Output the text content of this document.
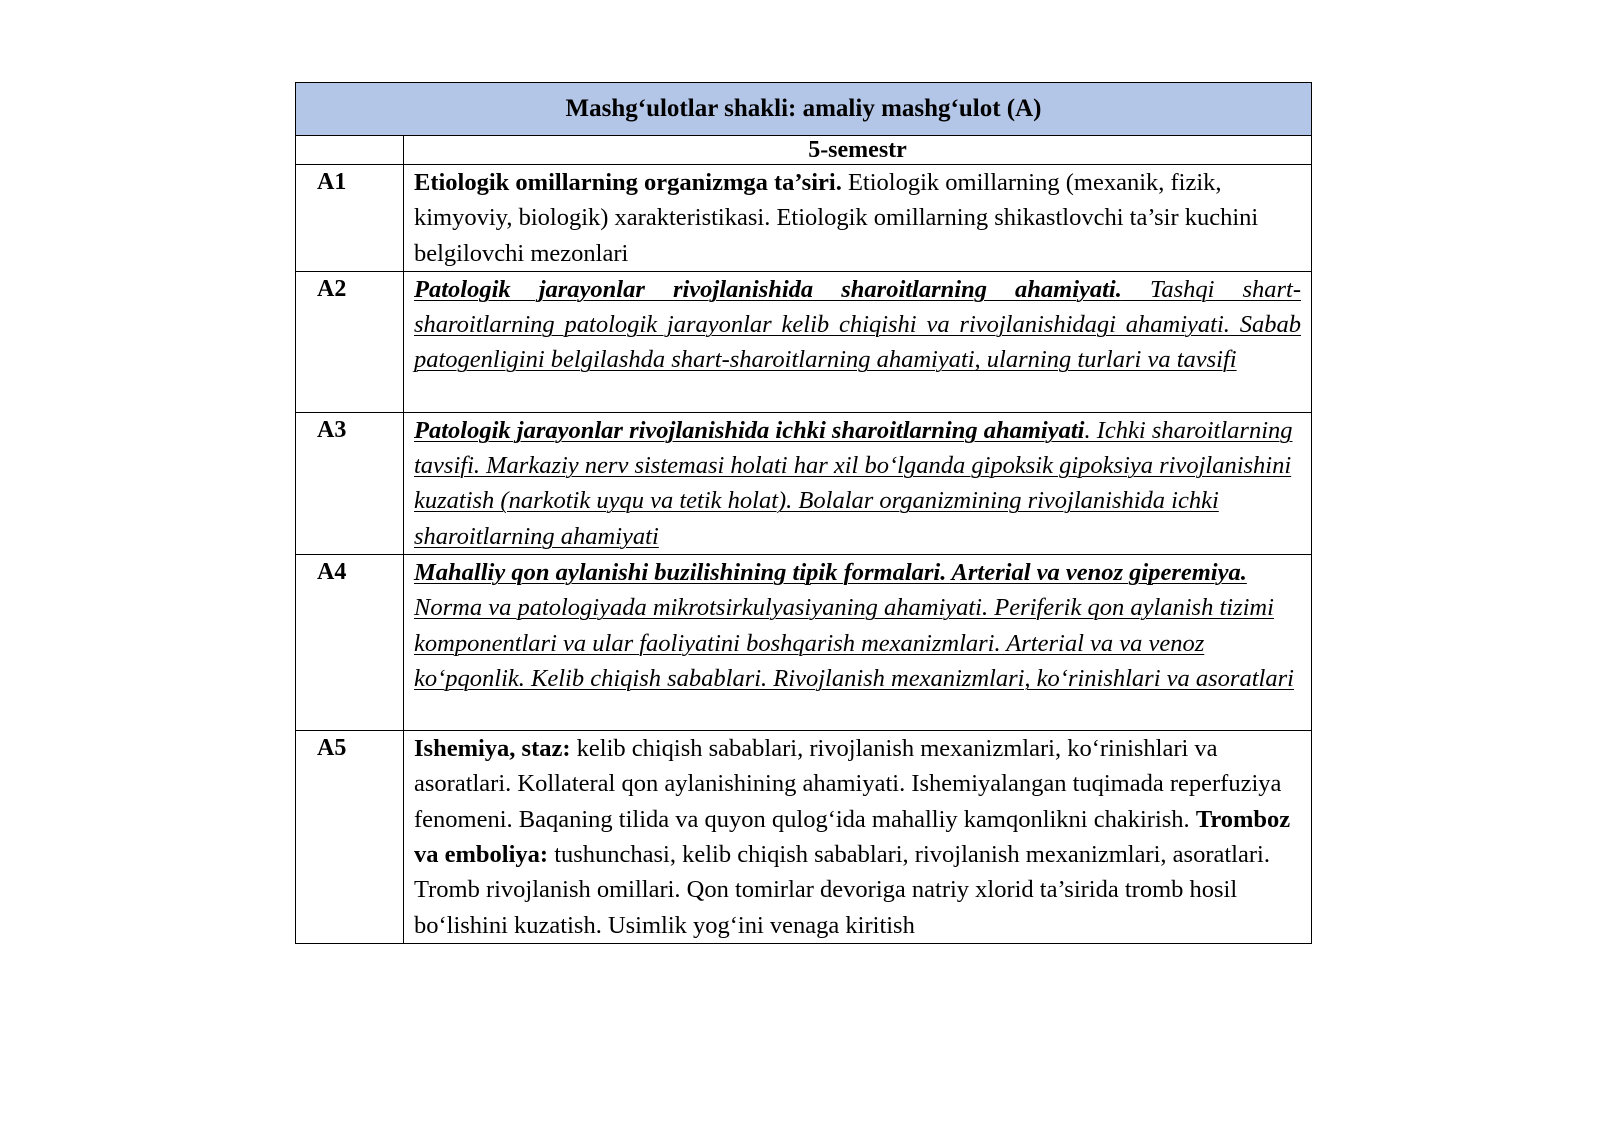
Mashg‘ulotlar shakli: amaliy mashg‘ulot (A)	
	5-semestr
A1	Etiologik omillarning organizmga ta’siri. Etiologik omillarning (mexanik, fizik, kimyoviy, biologik) xarakteristikasi. Etiologik omillarning shikastlovchi ta’sir kuchini belgilovchi mezonlari
A2	Patologik jarayonlar rivojlanishida sharoitlarning ahamiyati. Tashqi shart-sharoitlarning patologik jarayonlar kelib chiqishi va rivojlanishidagi ahamiyati. Sabab patogenligini belgilashda shart-sharoitlarning ahamiyati, ularning turlari va tavsifi
A3	Patologik jarayonlar rivojlanishida ichki sharoitlarning ahamiyati. Ichki sharoitlarning tavsifi. Markaziy nerv sistemasi holati har xil bo‘lganda gipoksik gipoksiya rivojlanishini kuzatish (narkotik uyqu va tetik holat). Bolalar organizmining rivojlanishida ichki sharoitlarning ahamiyati
A4	Mahalliy qon aylanishi buzilishining tipik formalari. Arterial va venoz giperemiya. Norma va patologiyada mikrotsirkulyasiyaning ahamiyati. Periferik qon aylanish tizimi komponentlari va ular faoliyatini boshqarish mexanizmlari. Arterial va va venoz ko‘pqonlik. Kelib chiqish sabablari. Rivojlanish mexanizmlari, ko‘rinishlari va asoratlari
A5	Ishemiya, staz: kelib chiqish sabablari, rivojlanish mexanizmlari, ko‘rinishlari va asoratlari. Kollateral qon aylanishining ahamiyati. Ishemiyalangan tuqimada reperfuziya fenomeni. Baqaning tilida va quyon qulog‘ida mahalliy kamqonlikni chakirish. Tromboz va emboliya: tushunchasi, kelib chiqish sabablari, rivojlanish mexanizmlari, asoratlari. Tromb rivojlanish omillari. Qon tomirlar devoriga natriy xlorid ta’sirida tromb hosil bo‘lishini kuzatish. Usimlik yog‘ini venaga kiritish
